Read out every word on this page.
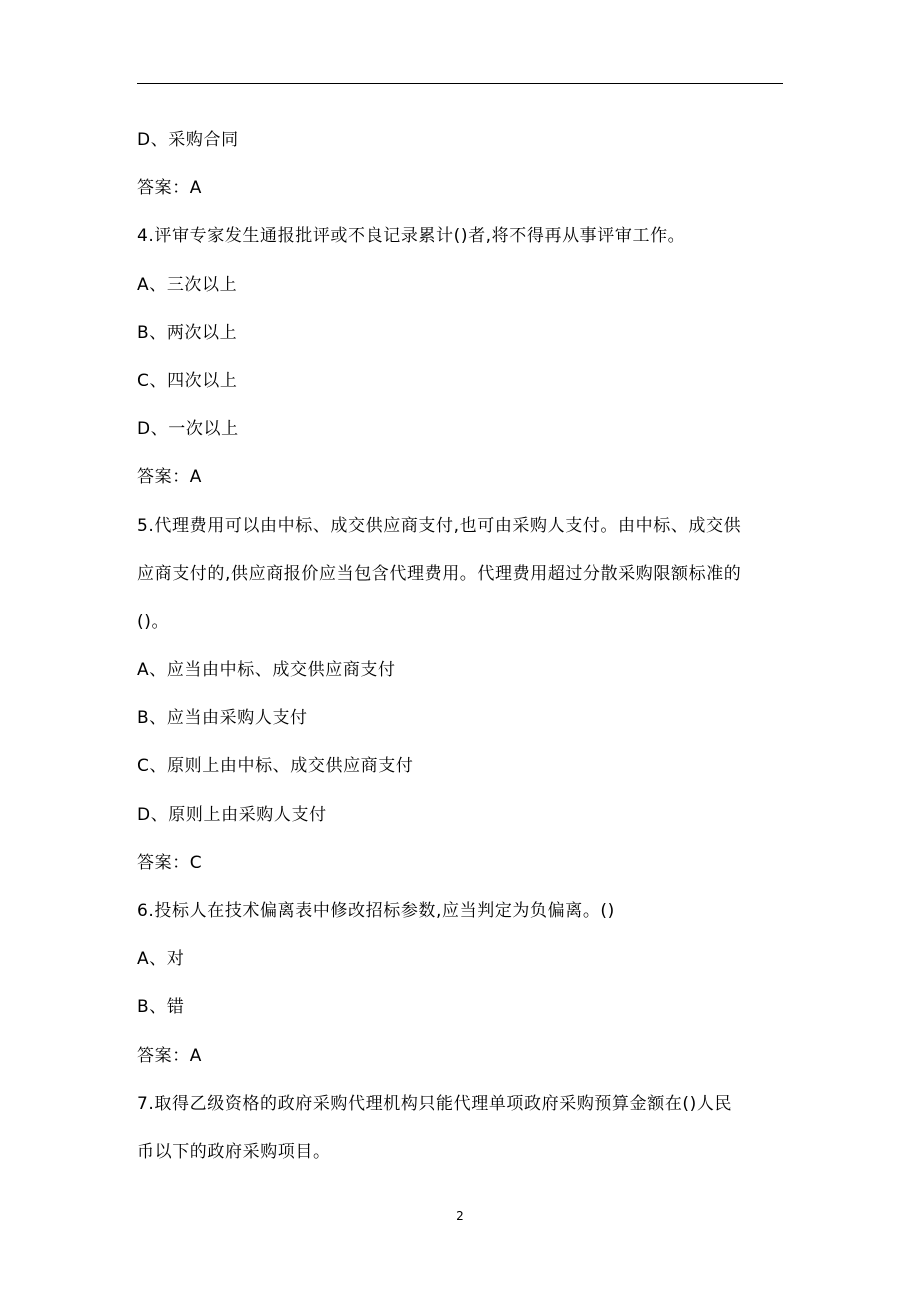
D、采购合同
答案：A
4.评审专家发生通报批评或不良记录累计()者,将不得再从事评审工作。
A、三次以上
B、两次以上
C、四次以上
D、一次以上
答案：A
5.代理费用可以由中标、成交供应商支付,也可由采购人支付。由中标、成交供
应商支付的,供应商报价应当包含代理费用。代理费用超过分散采购限额标准的
()。
A、应当由中标、成交供应商支付
B、应当由采购人支付
C、原则上由中标、成交供应商支付
D、原则上由采购人支付
答案：C
6.投标人在技术偏离表中修改招标参数,应当判定为负偏离。()
A、对
B、错
答案：A
7.取得乙级资格的政府采购代理机构只能代理单项政府采购预算金额在()人民
币以下的政府采购项目。
2
